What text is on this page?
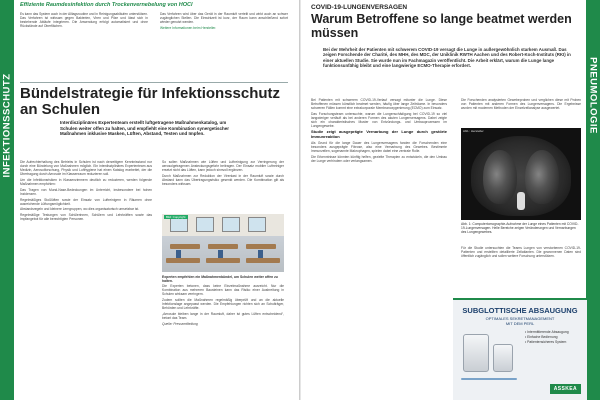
INFEKTIONSSCHUTZ
Effiziente Raumdesinfektion durch Trockenvernebelung von HOCl

Es kann das System auch in der Alltagsroutine und in Reinigungsabläufen unterstützen. Das Verfahren ist wirksam gegen Bakterien, Viren und Pilze und lässt sich in bestehende Abläufe integrieren. Die Anwendung erfolgt automatisiert und ohne Rückstände auf Oberflächen.

Das Verfahren wird über das Gerät in der Raumluft verteilt und wirkt auch an schwer zugänglichen Stellen. Die Einwirkzeit ist kurz, der Raum kann anschließend sofort wieder genutzt werden.

Weitere Informationen beim Hersteller.

Bündelstrategie für Infektionsschutz an Schulen
Interdisziplinäres Expertenteam erstellt luftgetragene Maßnahmenkatalog, um Schulen weiter offen zu halten, und empfiehlt eine Kombination synergetischer Maßnahmen inklusive Masken, Lüften, Abstand, Testen und Impfen.

Die Aufrechterhaltung des Betriebs in Schulen ist nach derzeitigem Kenntnisstand nur durch eine Bündelung von Maßnahmen möglich. Ein interdisziplinäres Expertenteam aus Medizin, Aerosolforschung, Physik und Lufthygiene hat einen Katalog erarbeitet, der die Übertragung durch Aerosole im Klassenraum reduzieren soll.

Um die Infektionsrisiken in Klassenzimmern deutlich zu reduzieren, werden folgende Maßnahmen empfohlen:

Das Tragen von Mund-Nase-Bedeckungen im Unterricht, insbesondere bei hohen Inzidenzen.

Regelmäßiges Stoßlüften sowie der Einsatz von Luftreinigern in Räumen ohne ausreichende Lüftungsmöglichkeit.

Abstandsregeln und kleinere Lerngruppen, wo dies organisatorisch umsetzbar ist.

Regelmäßige Testungen von Schülerinnen, Schülern und Lehrkräften sowie das Impfangebot für alle berechtigten Personen.

So sollen Maßnahmen wie Lüften und Luftreinigung zur Verringerung der aerosolgetragenen Ansteckungsgefahr beitragen. Der Einsatz mobiler Luftreiniger ersetzt nicht das Lüften, kann jedoch sinnvoll ergänzen.

Durch Maßnahmen zur Reduktion der Virenlast in der Raumluft sowie durch Abstand kann das Übertragungsrisiko gesenkt werden. Die Kombination gilt als besonders wirksam.

Bild: Copyright
Experten empfehlen ein Maßnahmenbündel, um Schulen weiter offen zu halten.

Die Experten betonen, dass keine Einzelmaßnahme ausreicht. Nur die Kombination aus mehreren Bausteinen kann das Risiko einer Ausbreitung in Schulen wirksam verringern.

Zudem sollten die Maßnahmen regelmäßig überprüft und an die aktuelle Infektionslage angepasst werden. Die Empfehlungen richten sich an Schulträger, Behörden und Lehrkräfte.

„Aerosole bleiben lange in der Raumluft, daher ist gutes Lüften entscheidend“, betont das Team.

Quelle: Pressemitteilung

PNEUMOLOGIE
COVID-19-LUNGENVERSAGEN
Warum Betroffene so lange beatmet werden müssen
Bei der Mehrheit der Patienten mit schwerem COVID-19 versagt die Lunge in außergewöhnlich starkem Ausmaß. Das zeigen Forschende der Charité, des MHH, des MDC, der Uniklinik RWTH Aachen und des Robert-Koch-Instituts (RKI) in einer aktuellen Studie. Sie wurde nun im Fachmagazin veröffentlicht. Die Arbeit erklärt, warum die Lunge lange funktionsunfähig bleibt und eine langwierige ECMO-Therapie erfordert.

Bei Patienten mit schwerem COVID-19-Verlauf versagt mitunter die Lunge. Diese Betroffenen müssen künstlich beatmet werden, häufig über lange Zeiträume. In besonders schweren Fällen kommt eine extrakorporale Membranoxygenierung (ECMO) zum Einsatz.

Das Forschungsteam untersuchte, warum die Lungenschädigung bei COVID-19 so viel langwieriger verläuft als bei anderen Formen des akuten Lungenversagens. Dabei zeigte sich ein charakteristisches Muster von Entzündungs- und Umbauprozessen im Lungengewebe.

Studie zeigt ausgeprägte Vernarbung der Lunge durch gestörte Immunreaktion

Als Grund für die lange Dauer des Lungenversagens fanden die Forschenden eine besonders ausgeprägte Fibrose, also eine Vernarbung des Gewebes. Bestimmte Immunzellen, sogenannte Makrophagen, spielen dabei eine zentrale Rolle.

Die Erkenntnisse könnten künftig helfen, gezielte Therapien zu entwickeln, die den Umbau der Lunge verhindern oder verlangsamen.

Die Forschenden analysierten Gewebeproben und verglichen diese mit Proben von Patienten mit anderen Formen des Lungenversagens. Die Ergebnisse wurden mit modernen Methoden der Einzelzellanalyse ausgewertet.

Abb.: Hersteller
Abb. 1: Computertomographie-Aufnahme der Lunge eines Patienten mit COVID-19-Lungenversagen. Helle Bereiche zeigen Veränderungen und Vernarbungen des Lungengewebes.

Für die Studie untersuchten die Teams Lungen von verstorbenen COVID-19-Patienten und erstellten detaillierte Zellatlanten. Die gewonnenen Daten sind öffentlich zugänglich und sollen weitere Forschung unterstützen.

SUBGLOTTISCHE ABSAUGUNG
OPTIMALES SEKRETMANAGEMENT
MIT DEM PERL
• Intermittierende Absaugung
• Einfache Bedienung
• Patientensicheres System
ASSKEA
